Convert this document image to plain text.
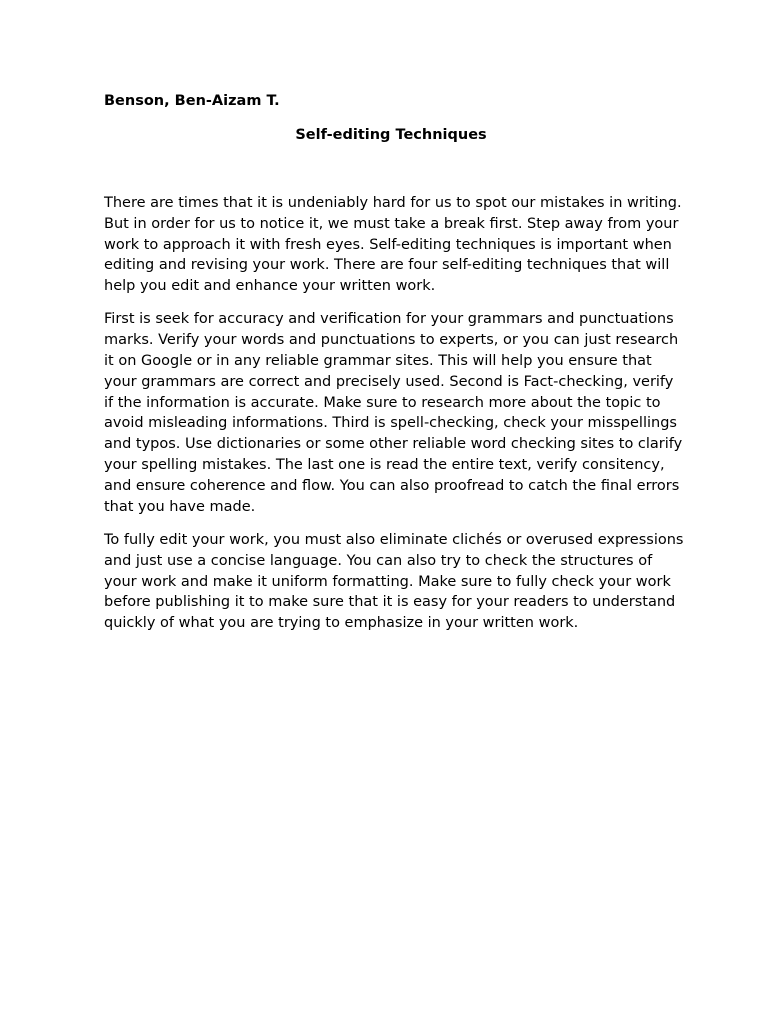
Benson, Ben-Aizam T.

Self-editing Techniques

There are times that it is undeniably hard for us to spot our mistakes in writing. But in order for us to notice it, we must take a break first. Step away from your work to approach it with fresh eyes. Self-editing techniques is important when editing and revising your work. There are four self-editing techniques that will help you edit and enhance your written work.

First is seek for accuracy and verification for your grammars and punctuations marks. Verify your words and punctuations to experts, or you can just research it on Google or in any reliable grammar sites. This will help you ensure that your grammars are correct and precisely used. Second is Fact-checking, verify if the information is accurate. Make sure to research more about the topic to avoid misleading informations. Third is spell-checking, check your misspellings and typos. Use dictionaries or some other reliable word checking sites to clarify your spelling mistakes. The last one is read the entire text, verify consitency, and ensure coherence and flow. You can also proofread to catch the final errors that you have made.

To fully edit your work, you must also eliminate clichés or overused expressions and just use a concise language. You can also try to check the structures of your work and make it uniform formatting. Make sure to fully check your work before publishing it to make sure that it is easy for your readers to understand quickly of what you are trying to emphasize in your written work.
